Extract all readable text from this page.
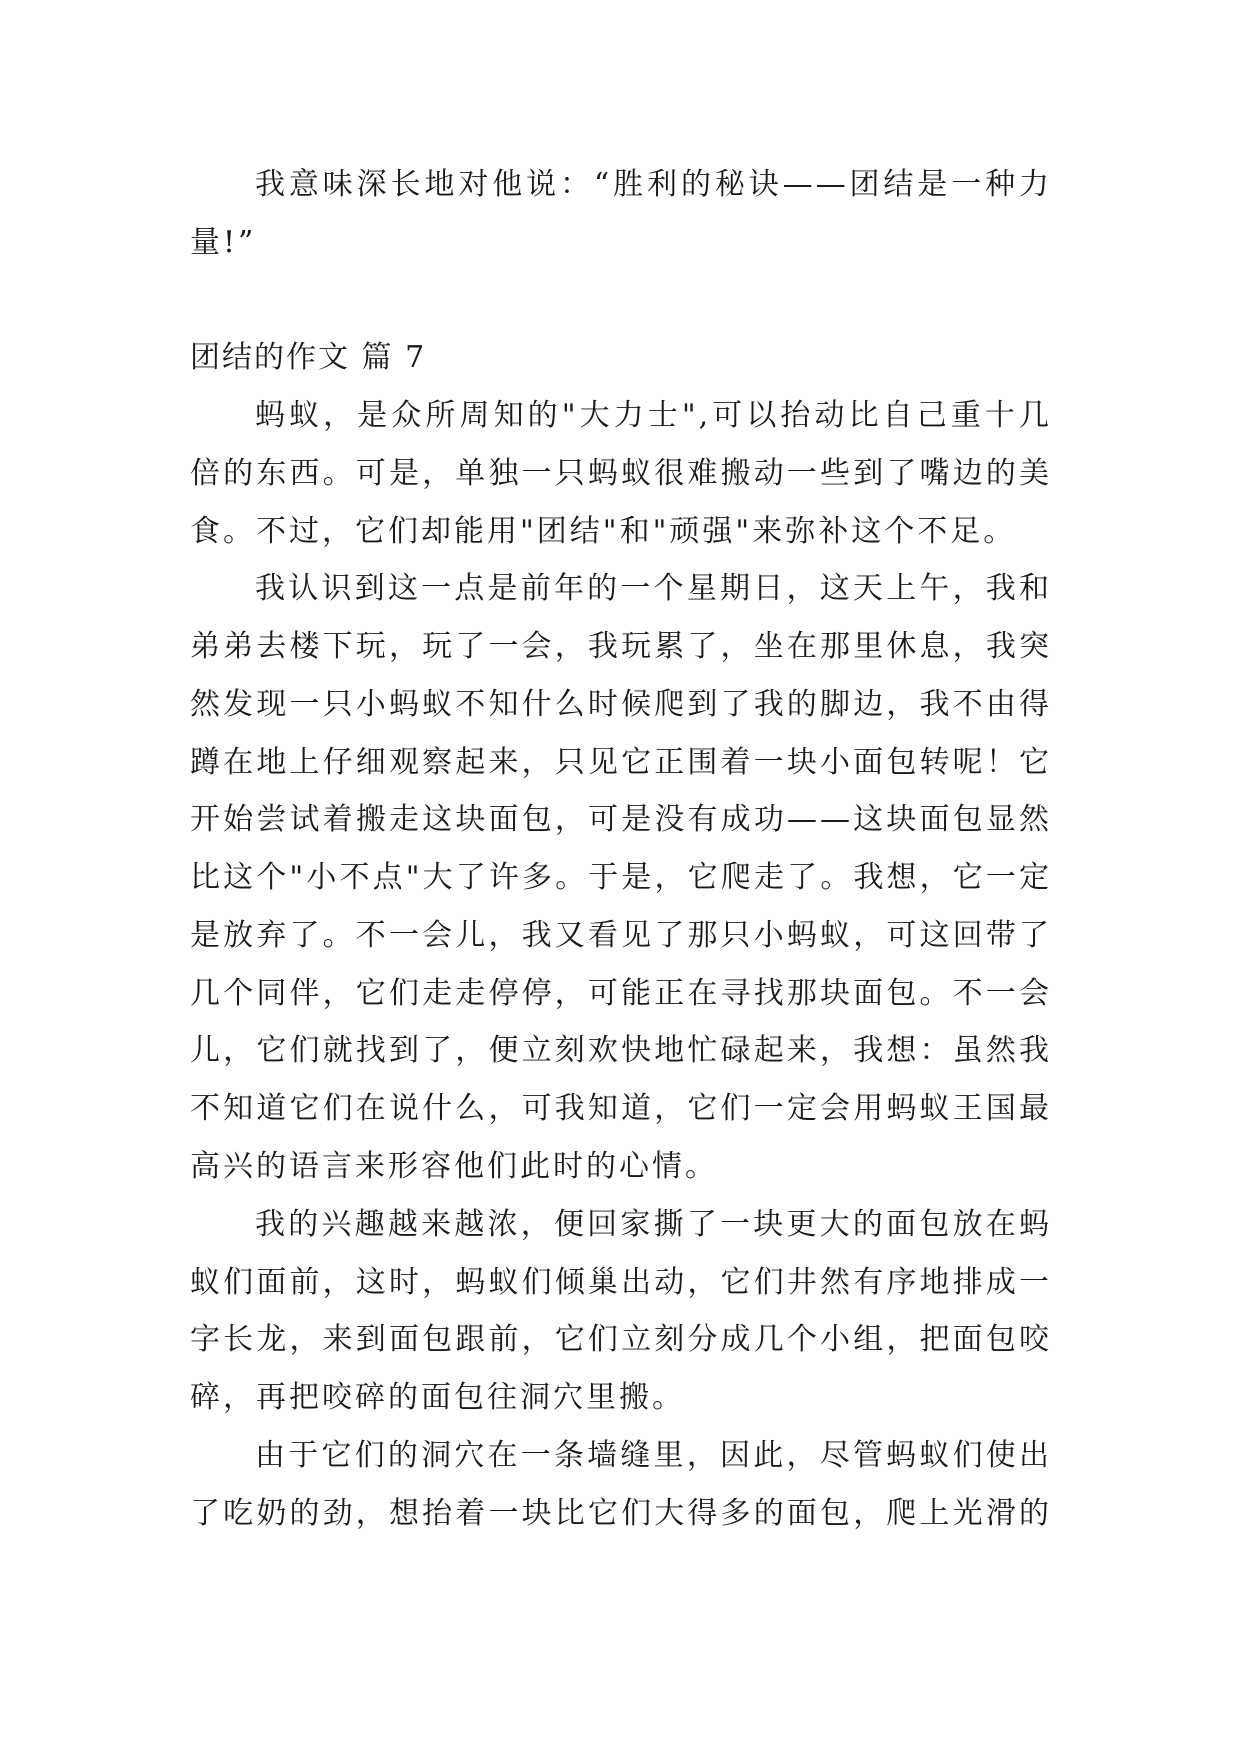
我意味深长地对他说：“胜利的秘诀——团结是一种力
量!”
团结的作文 篇 7
蚂蚁，是众所周知的"大力士",可以抬动比自己重十几
倍的东西。可是，单独一只蚂蚁很难搬动一些到了嘴边的美
食。不过，它们却能用"团结"和"顽强"来弥补这个不足。
我认识到这一点是前年的一个星期日，这天上午，我和
弟弟去楼下玩，玩了一会，我玩累了，坐在那里休息，我突
然发现一只小蚂蚁不知什么时候爬到了我的脚边，我不由得
蹲在地上仔细观察起来，只见它正围着一块小面包转呢！它
开始尝试着搬走这块面包，可是没有成功——这块面包显然
比这个"小不点"大了许多。于是，它爬走了。我想，它一定
是放弃了。不一会儿，我又看见了那只小蚂蚁，可这回带了
几个同伴，它们走走停停，可能正在寻找那块面包。不一会
儿，它们就找到了，便立刻欢快地忙碌起来，我想：虽然我
不知道它们在说什么，可我知道，它们一定会用蚂蚁王国最
高兴的语言来形容他们此时的心情。
我的兴趣越来越浓，便回家撕了一块更大的面包放在蚂
蚁们面前，这时，蚂蚁们倾巢出动，它们井然有序地排成一
字长龙，来到面包跟前，它们立刻分成几个小组，把面包咬
碎，再把咬碎的面包往洞穴里搬。
由于它们的洞穴在一条墙缝里，因此，尽管蚂蚁们使出
了吃奶的劲，想抬着一块比它们大得多的面包，爬上光滑的
